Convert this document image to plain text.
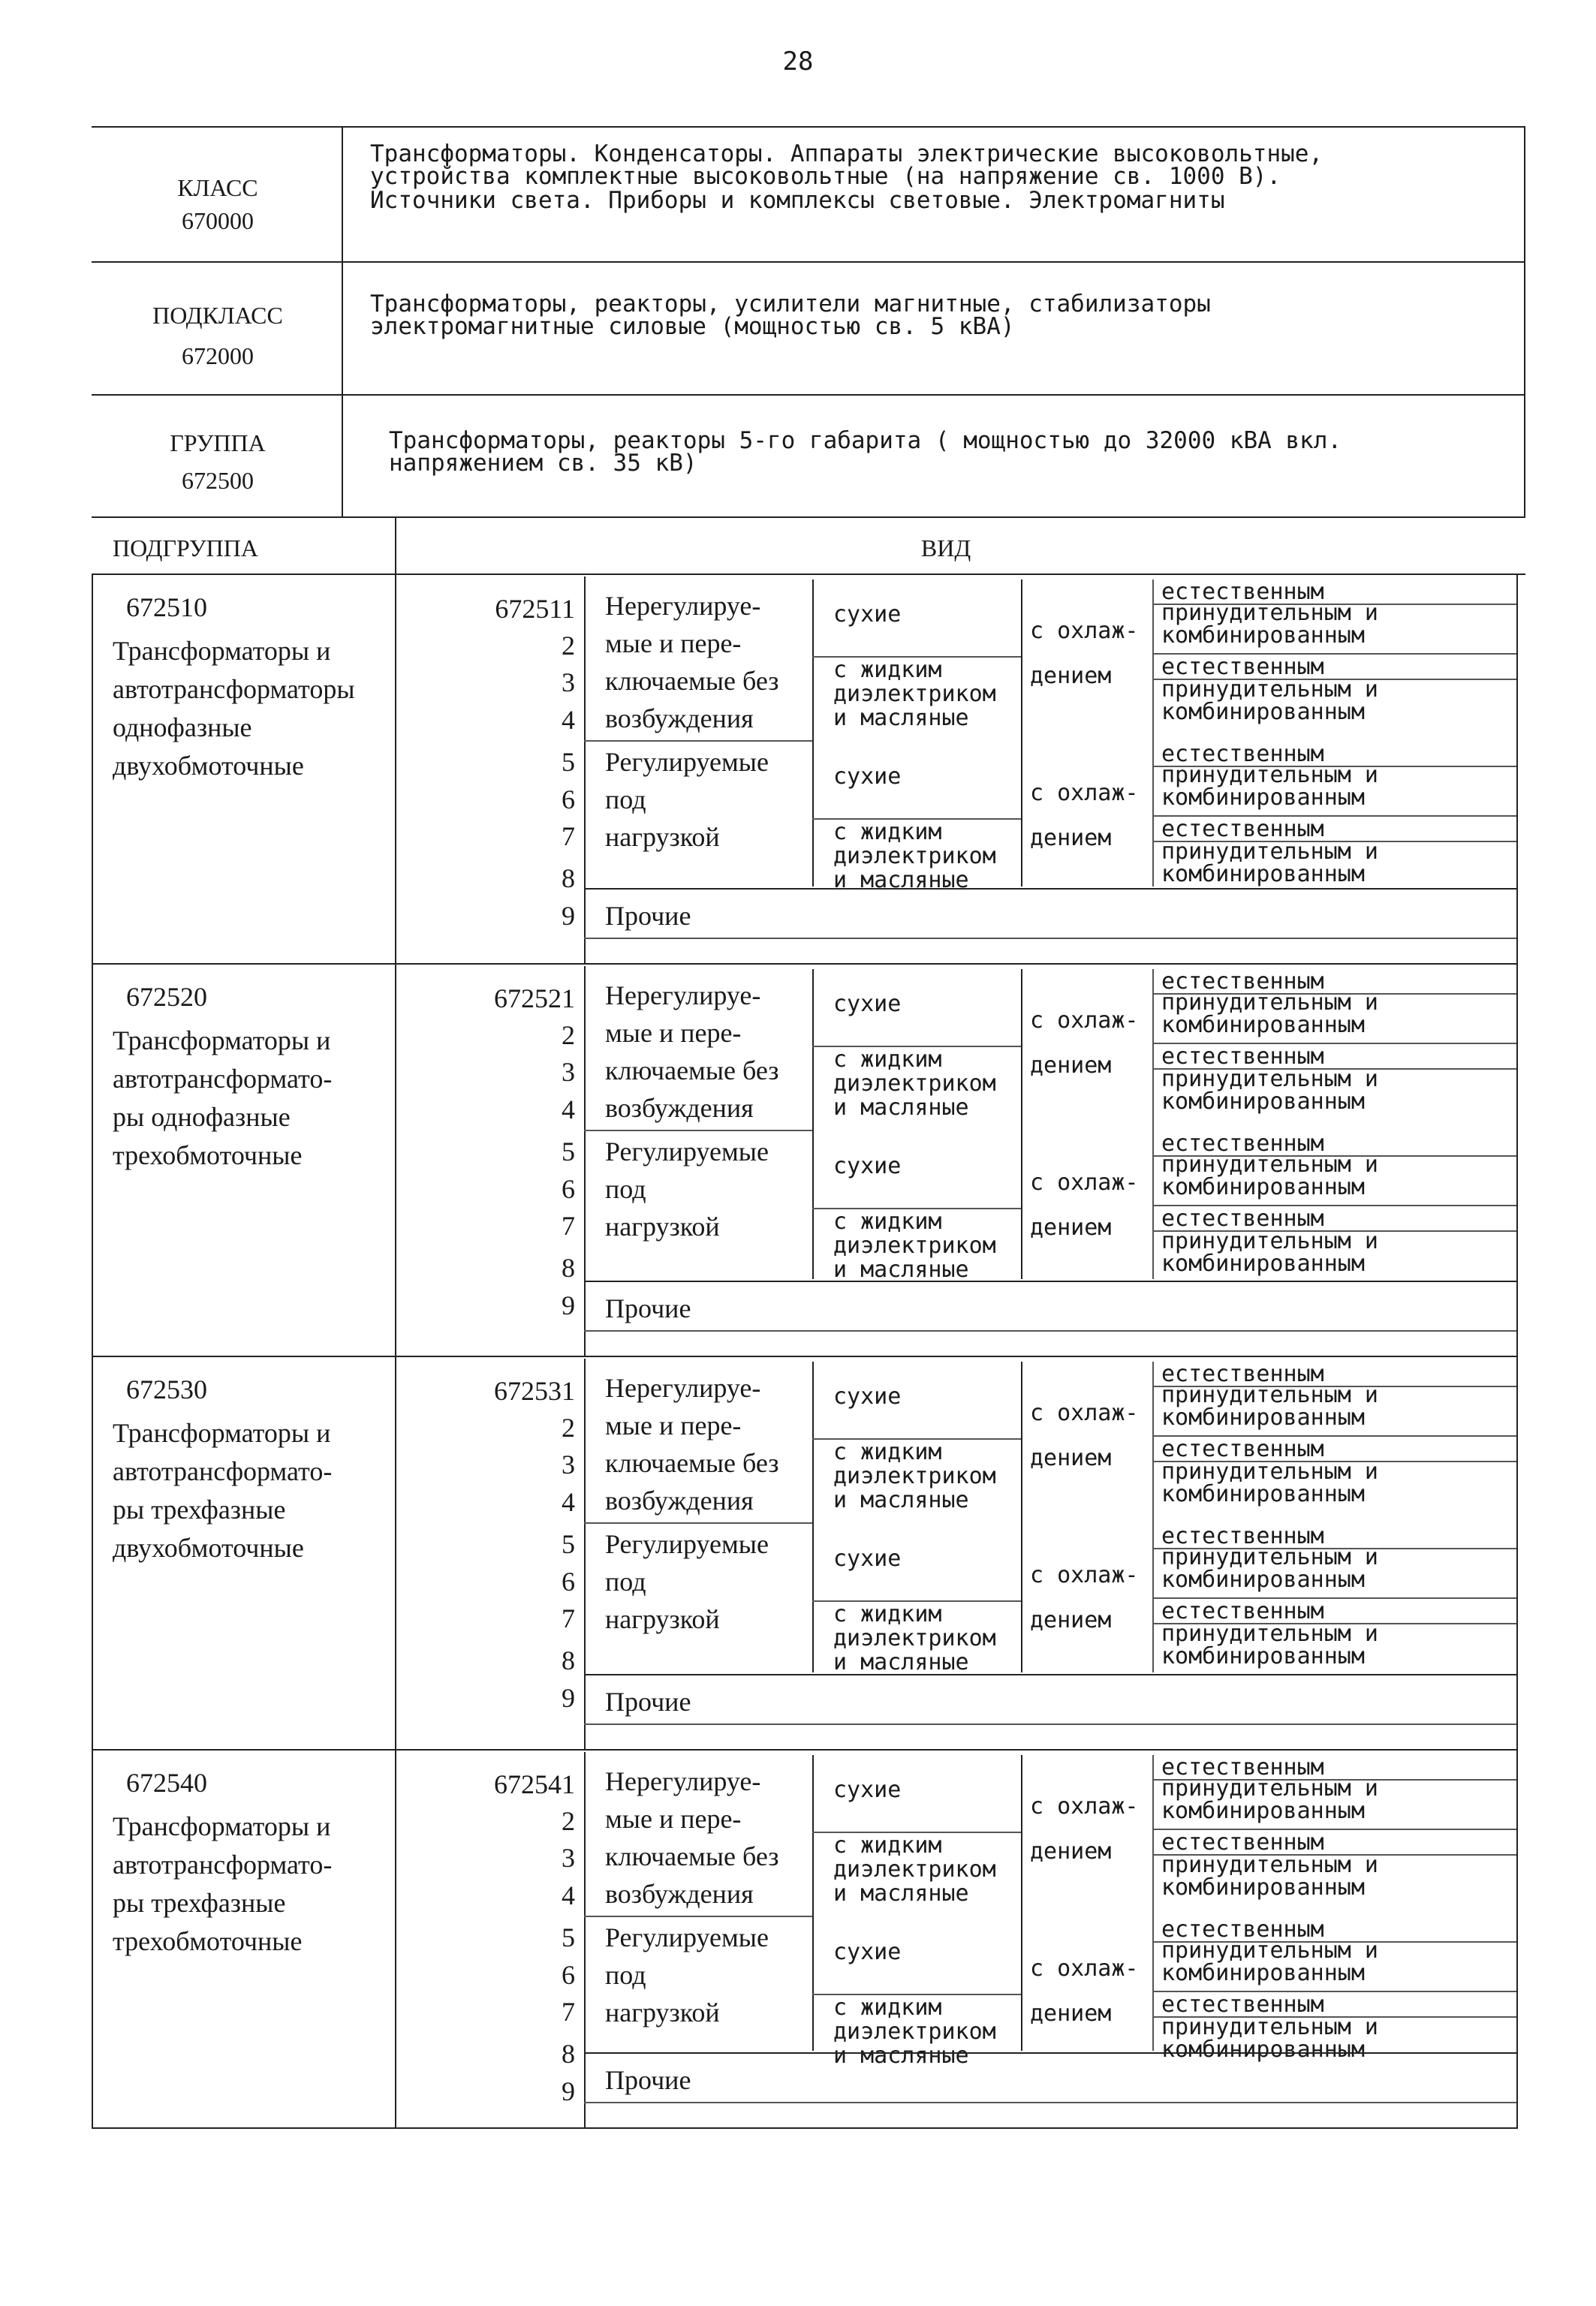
28
КЛАСС
670000
Трансформаторы. Конденсаторы. Аппараты электрические высоковольтные,
устройства комплектные высоковольтные (на напряжение св. 1000 В).
Источники света. Приборы и комплексы световые. Электромагниты
ПОДКЛАСС
672000
Трансформаторы, реакторы, усилители магнитные, стабилизаторы
электромагнитные силовые (мощностью св. 5 кВА)
ГРУППА
672500
Трансформаторы, реакторы 5-го габарита ( мощностью до 32000 кВА вкл.
напряжением св. 35 кВ)
ПОДГРУППА	ВИД
672510
Трансформаторы и
автотрансформаторы
однофазные
двухобмоточные
672511
2
3
4
5
6
7
8
9
Нерегулируе-
мые и пере-
ключаемые без
возбуждения
Регулируемые
под
нагрузкой
сухие
с жидким
диэлектриком
и масляные
с охлаж-
дением
естественным
принудительным и
комбинированным
естественным
принудительным и
комбинированным
сухие
с жидким
диэлектриком
и масляные
с охлаж-
дением
естественным
принудительным и
комбинированным
естественным
принудительным и
комбинированным
Прочие
672520
Трансформаторы и
автотрансформато-
ры однофазные
трехобмоточные
672521
2
3
4
5
6
7
8
9
Нерегулируе-
мые и пере-
ключаемые без
возбуждения
Регулируемые
под
нагрузкой
сухие
с жидким
диэлектриком
и масляные
с охлаж-
дением
естественным
принудительным и
комбинированным
естественным
принудительным и
комбинированным
сухие
с жидким
диэлектриком
и масляные
с охлаж-
дением
естественным
принудительным и
комбинированным
естественным
принудительным и
комбинированным
Прочие
672530
Трансформаторы и
автотрансформато-
ры трехфазные
двухобмоточные
672531
2
3
4
5
6
7
8
9
Нерегулируе-
мые и пере-
ключаемые без
возбуждения
Регулируемые
под
нагрузкой
сухие
с жидким
диэлектриком
и масляные
с охлаж-
дением
естественным
принудительным и
комбинированным
естественным
принудительным и
комбинированным
сухие
с жидким
диэлектриком
и масляные
с охлаж-
дением
естественным
принудительным и
комбинированным
естественным
принудительным и
комбинированным
Прочие
672540
Трансформаторы и
автотрансформато-
ры трехфазные
трехобмоточные
672541
2
3
4
5
6
7
8
9
Нерегулируе-
мые и пере-
ключаемые без
возбуждения
Регулируемые
под
нагрузкой
сухие
с жидким
диэлектриком
и масляные
с охлаж-
дением
естественным
принудительным и
комбинированным
естественным
принудительным и
комбинированным
сухие
с жидким
диэлектриком
и масляные
с охлаж-
дением
естественным
принудительным и
комбинированным
естественным
принудительным и
комбинированным
Прочие
